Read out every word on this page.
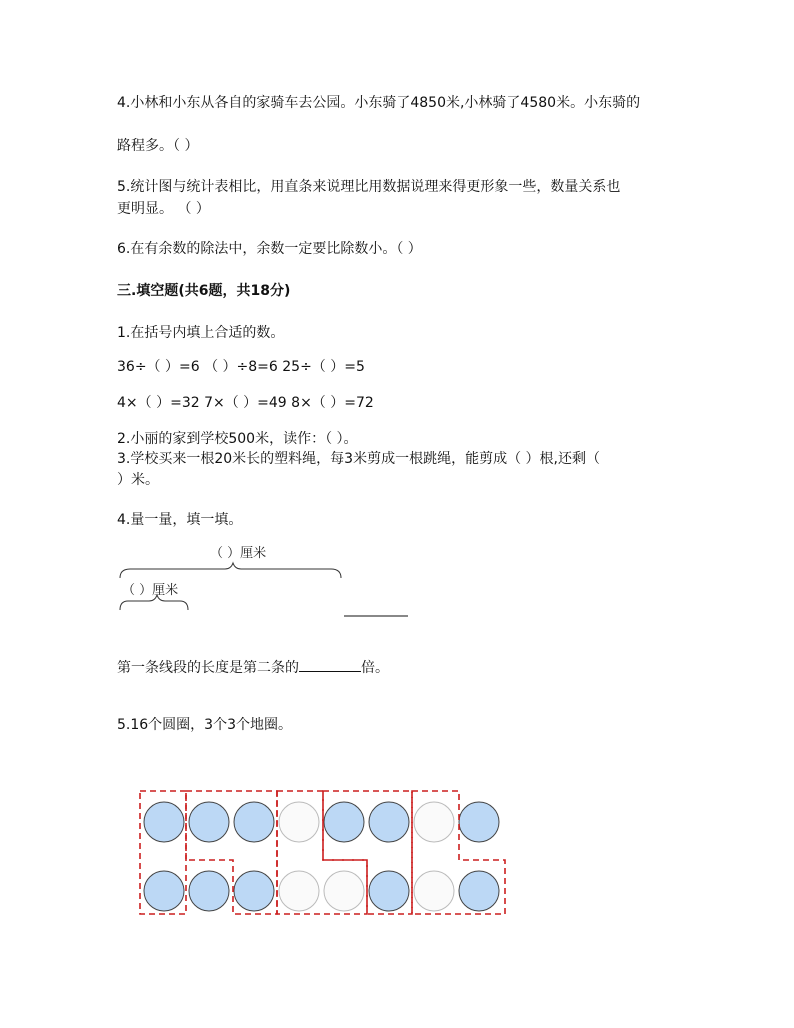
4.小林和小东从各自的家骑车去公园。小东骑了4850米,小林骑了4580米。小东骑的

路程多。（ ）

5.统计图与统计表相比，用直条来说理比用数据说理来得更形象一些，数量关系也

更明显。 （ ）

6.在有余数的除法中，余数一定要比除数小。（ ）

三.填空题(共6题，共18分)

1.在括号内填上合适的数。

36÷（ ）=6 （ ）÷8=6 25÷（ ）=5

4×（ ）=32 7×（ ）=49 8×（ ）=72

2.小丽的家到学校500米，读作：（ ）。

3.学校买来一根20米长的塑料绳，每3米剪成一根跳绳，能剪成（ ）根,还剩（

）米。

4.量一量，填一填。

（ ）厘米
（ ）厘米

第一条线段的长度是第二条的	倍。

5.16个圆圈，3个3个地圈。
